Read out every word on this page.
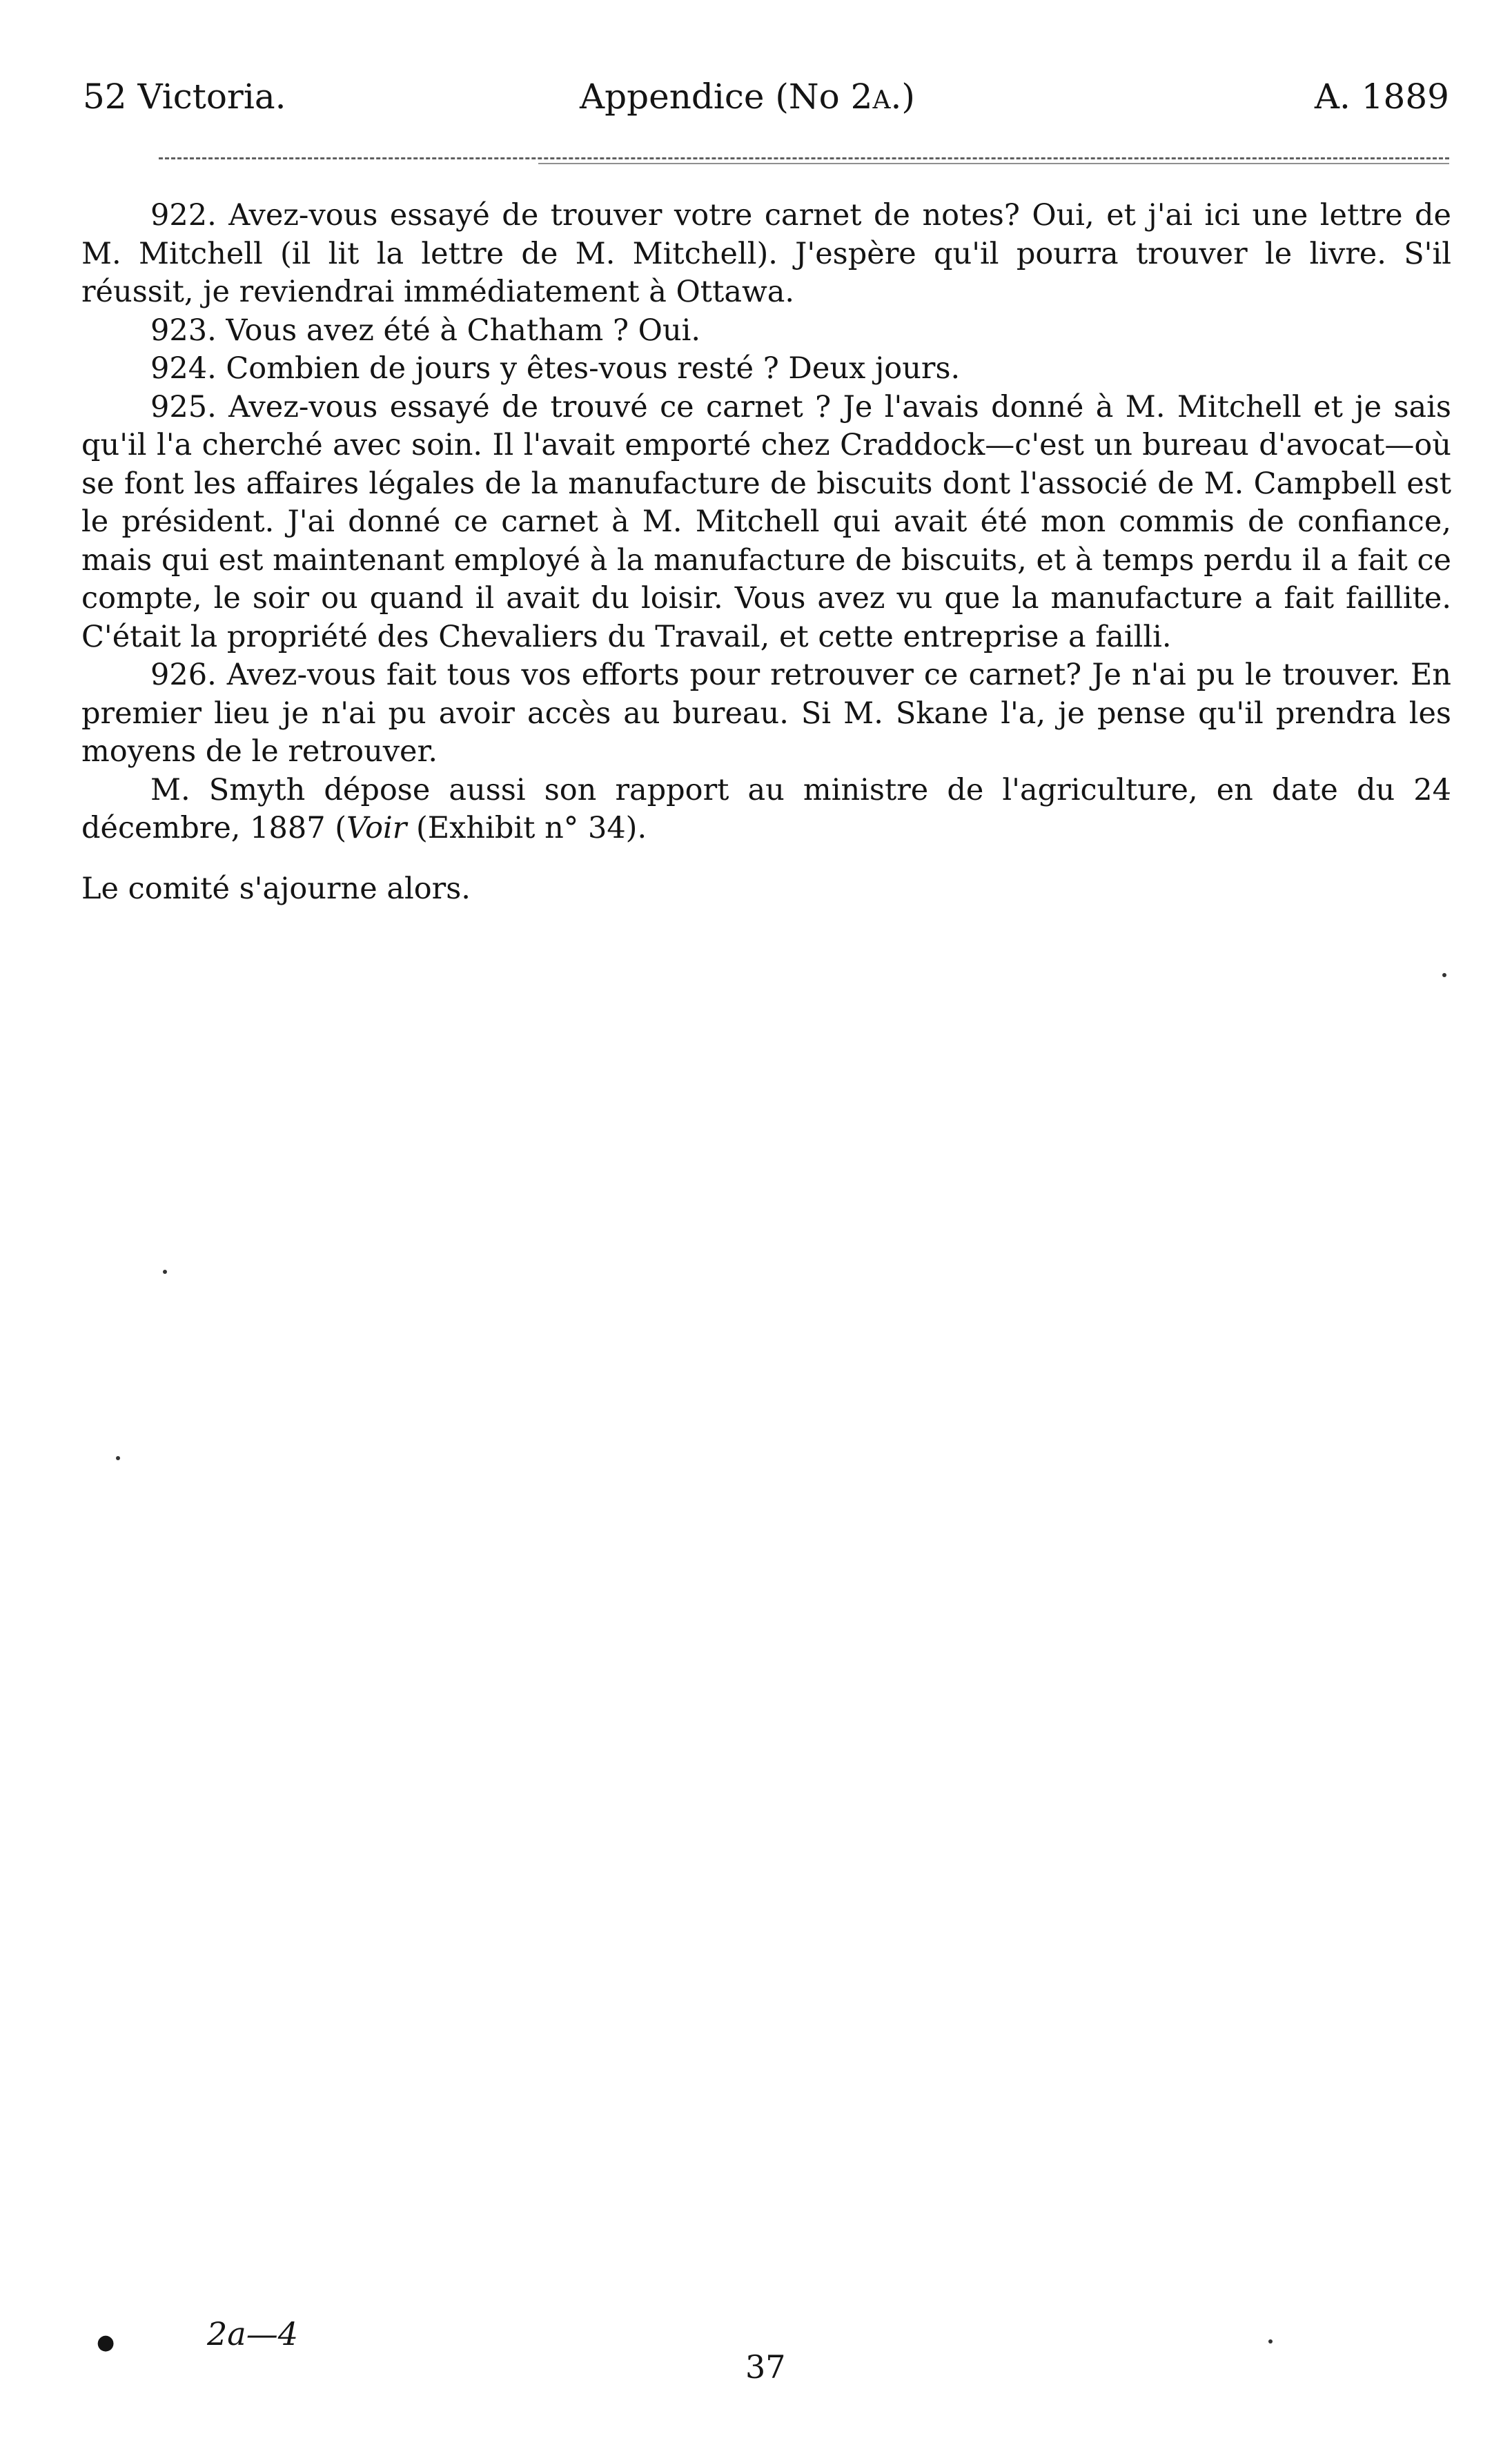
52 Victoria.	Appendice (No 2A.)	A. 1889

922. Avez-vous essayé de trouver votre carnet de notes? Oui, et j'ai ici une lettre de M. Mitchell (il lit la lettre de M. Mitchell). J'espère qu'il pourra trouver le livre. S'il réussit, je reviendrai immédiatement à Ottawa.

923. Vous avez été à Chatham ? Oui.

924. Combien de jours y êtes-vous resté ? Deux jours.

925. Avez-vous essayé de trouvé ce carnet ? Je l'avais donné à M. Mitchell et je sais qu'il l'a cherché avec soin. Il l'avait emporté chez Craddock—c'est un bureau d'avocat—où se font les affaires légales de la manufacture de biscuits dont l'associé de M. Campbell est le président. J'ai donné ce carnet à M. Mitchell qui avait été mon commis de confiance, mais qui est maintenant employé à la manufacture de biscuits, et à temps perdu il a fait ce compte, le soir ou quand il avait du loisir. Vous avez vu que la manufacture a fait faillite. C'était la propriété des Chevaliers du Travail, et cette entreprise a failli.

926. Avez-vous fait tous vos efforts pour retrouver ce carnet? Je n'ai pu le trouver. En premier lieu je n'ai pu avoir accès au bureau. Si M. Skane l'a, je pense qu'il prendra les moyens de le retrouver.

M. Smyth dépose aussi son rapport au ministre de l'agriculture, en date du 24 décembre, 1887 (Voir (Exhibit n° 34).

Le comité s'ajourne alors.

●	2a—4
37
